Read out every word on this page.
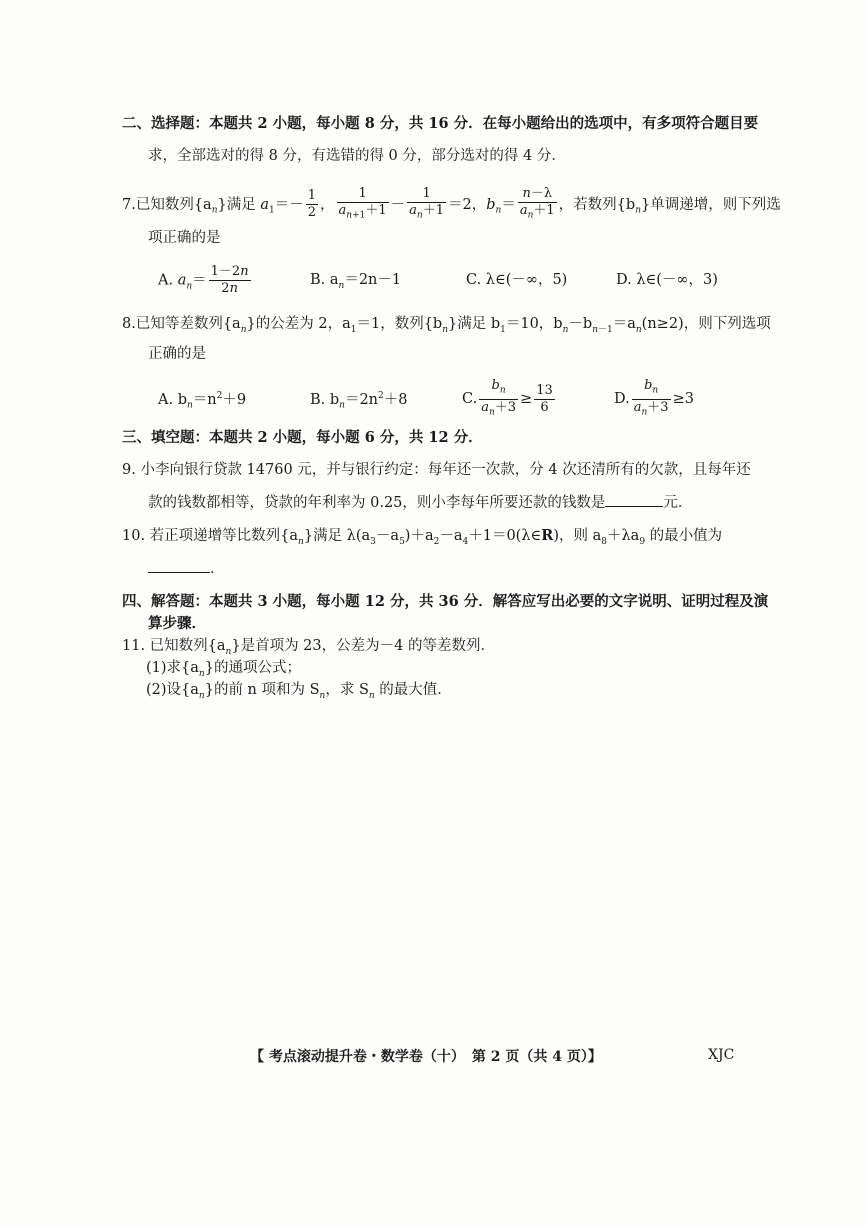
二、选择题：本题共 2 小题，每小题 8 分，共 16 分．在每小题给出的选项中，有多项符合题目要
求，全部选对的得 8 分，有选错的得 0 分，部分选对的得 4 分．
7.已知数列$\{a_n\}$满足 $a_1=- \frac{1}{2}$ ， $\frac{1}{a_{n+1}+1} - \frac{1}{a_n+1} =2$，$b_n= \frac{n-\lambda}{a_n+1}$ ，若数列$\{b_n\}$单调递增，则下列选
项正确的是
A. $a_n= \frac{1-2n}{2n}$	B. $a_n=2n-1$	C. λ∈(－∞，5)	D. λ∈(－∞，3)
8.已知等差数列$\{a_n\}$的公差为 2，$a_1=1$，数列$\{b_n\}$满足 $b_1=10$，$b_n-b_{n-1}=a_n(n\ge 2)$，则下列选项
正确的是
A. $b_n=n^2+9$	B. $b_n=2n^2+8$	C. $\frac{b_n}{a_n+3} \ge \frac{13}{6}$	D. $\frac{b_n}{a_n+3} \ge 3$
三、填空题：本题共 2 小题，每小题 6 分，共 12 分．
9. 小李向银行贷款 14760 元，并与银行约定：每年还一次款，分 4 次还清所有的欠款，且每年还
款的钱数都相等，贷款的年利率为 0.25，则小李每年所要还款的钱数是	元．
10. 若正项递增等比数列$\{a_n\}$满足 $\lambda(a_3-a_5)+a_2-a_4+1=0(\lambda\in R)$，则 $a_8+\lambda a_9$ 的最小值为
．
四、解答题：本题共 3 小题，每小题 12 分，共 36 分．解答应写出必要的文字说明、证明过程及演
算步骤．
11. 已知数列$\{a_n\}$是首项为 23，公差为－4 的等差数列．
(1)求$\{a_n\}$的通项公式；
(2)设$\{a_n\}$的前 n 项和为 $S_n$，求 $S_n$ 的最大值．
【 考点滚动提升卷・数学卷（十）　第 2 页（共 4 页）】	XJC
